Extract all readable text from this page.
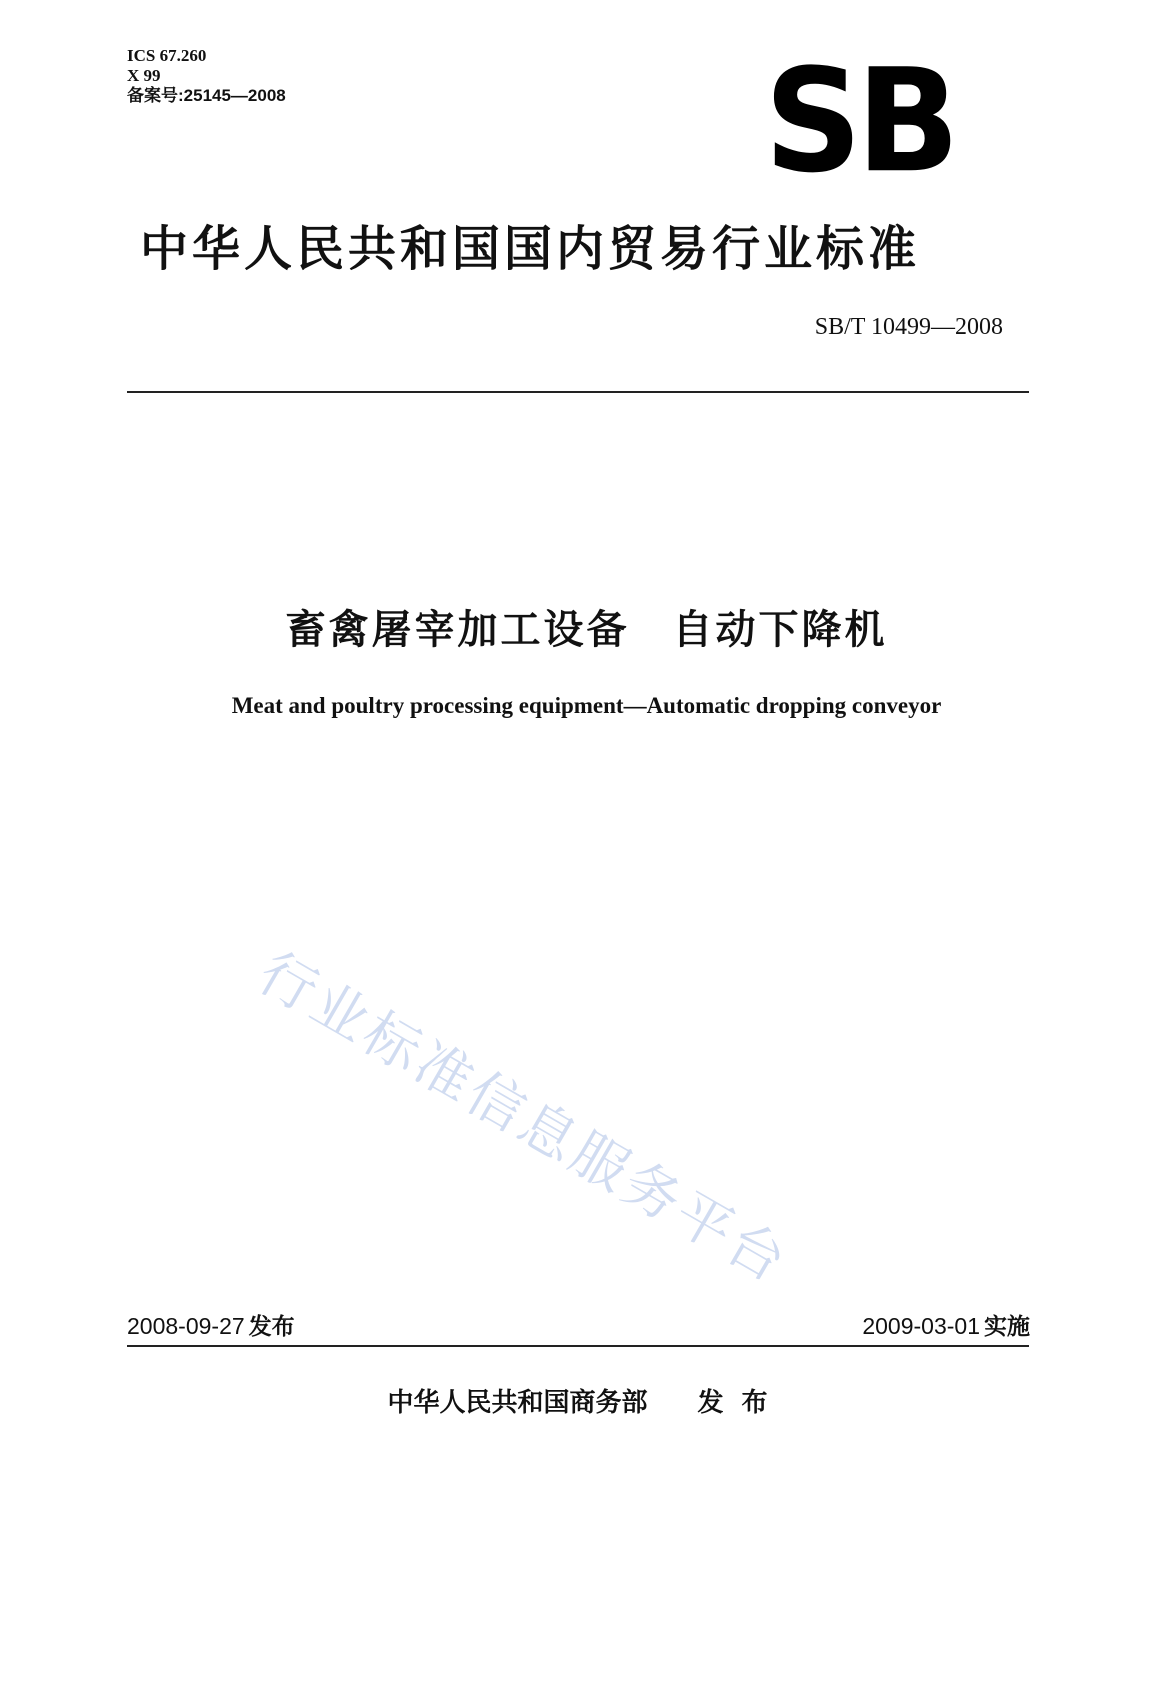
ICS 67.260
X 99
备案号:25145—2008	SB
中华人民共和国国内贸易行业标准
SB/T 10499—2008
畜禽屠宰加工设备　自动下降机
Meat and poultry processing equipment—Automatic dropping conveyor
行业标准信息服务平台
2008-09-27 发布	2009-03-01 实施
中华人民共和国商务部 发布
